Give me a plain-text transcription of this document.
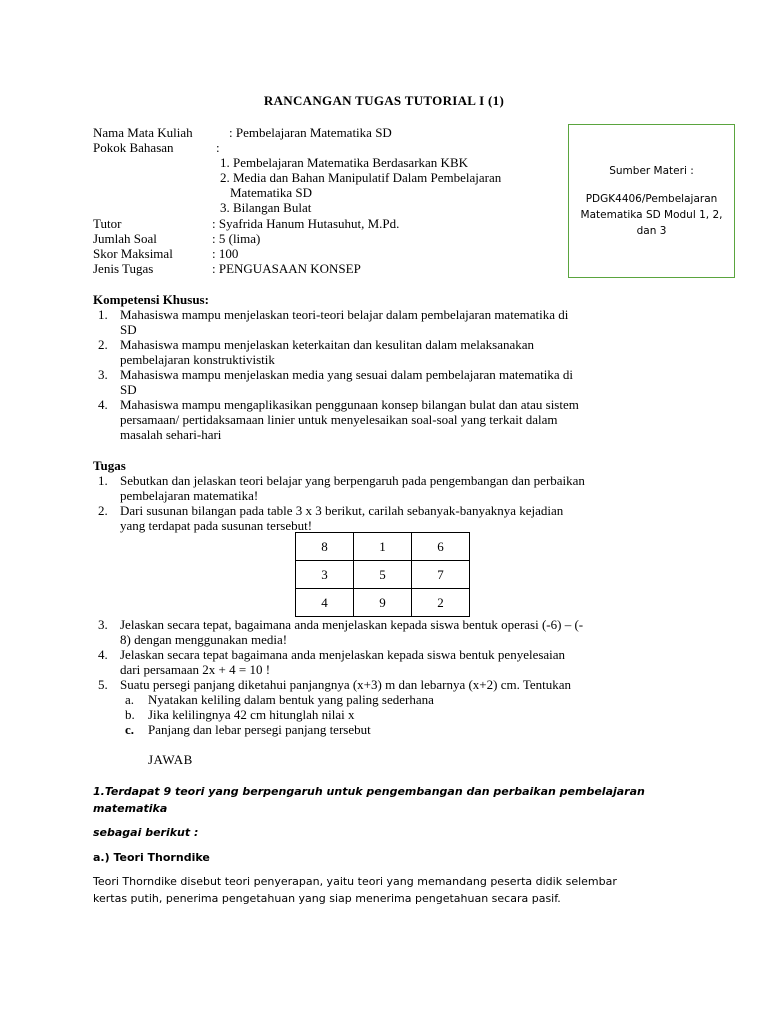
RANCANGAN TUGAS TUTORIAL I (1)
Nama Mata Kuliah	: Pembelajaran Matematika SD
Pokok Bahasan	:
1. Pembelajaran Matematika Berdasarkan KBK
2. Media dan Bahan Manipulatif Dalam Pembelajaran
Matematika SD
3. Bilangan Bulat
Tutor	: Syafrida Hanum Hutasuhut, M.Pd.
Jumlah Soal	: 5 (lima)
Skor Maksimal	: 100
Jenis Tugas	: PENGUASAAN KONSEP
Sumber Materi :
PDGK4406/Pembelajaran Matematika SD Modul 1, 2, dan 3
Kompetensi Khusus:
1. Mahasiswa mampu menjelaskan teori-teori belajar dalam pembelajaran matematika di
SD
2. Mahasiswa mampu menjelaskan keterkaitan dan kesulitan dalam melaksanakan
pembelajaran konstruktivistik
3. Mahasiswa mampu menjelaskan media yang sesuai dalam pembelajaran matematika di
SD
4. Mahasiswa mampu mengaplikasikan penggunaan konsep bilangan bulat dan atau sistem
persamaan/ pertidaksamaan linier untuk menyelesaikan soal-soal yang terkait dalam
masalah sehari-hari
Tugas
1. Sebutkan dan jelaskan teori belajar yang berpengaruh pada pengembangan dan perbaikan
pembelajaran matematika!
2. Dari susunan bilangan pada table 3 x 3 berikut, carilah sebanyak-banyaknya kejadian
yang terdapat pada susunan tersebut!
8	1	6
3	5	7
4	9	2
3. Jelaskan secara tepat, bagaimana anda menjelaskan kepada siswa bentuk operasi (-6) – (-
8) dengan menggunakan media!
4. Jelaskan secara tepat bagaimana anda menjelaskan kepada siswa bentuk penyelesaian
dari persamaan 2x + 4 = 10 !
5. Suatu persegi panjang diketahui panjangnya (x+3) m dan lebarnya (x+2) cm. Tentukan
a.	Nyatakan keliling dalam bentuk yang paling sederhana
b.	Jika kelilingnya 42 cm hitunglah nilai x
c.	Panjang dan lebar persegi panjang tersebut
JAWAB
1.Terdapat 9 teori yang berpengaruh untuk pengembangan dan perbaikan pembelajaran
matematika
sebagai berikut :
a.) Teori Thorndike
Teori Thorndike disebut teori penyerapan, yaitu teori yang memandang peserta didik selembar
kertas putih, penerima pengetahuan yang siap menerima pengetahuan secara pasif.
